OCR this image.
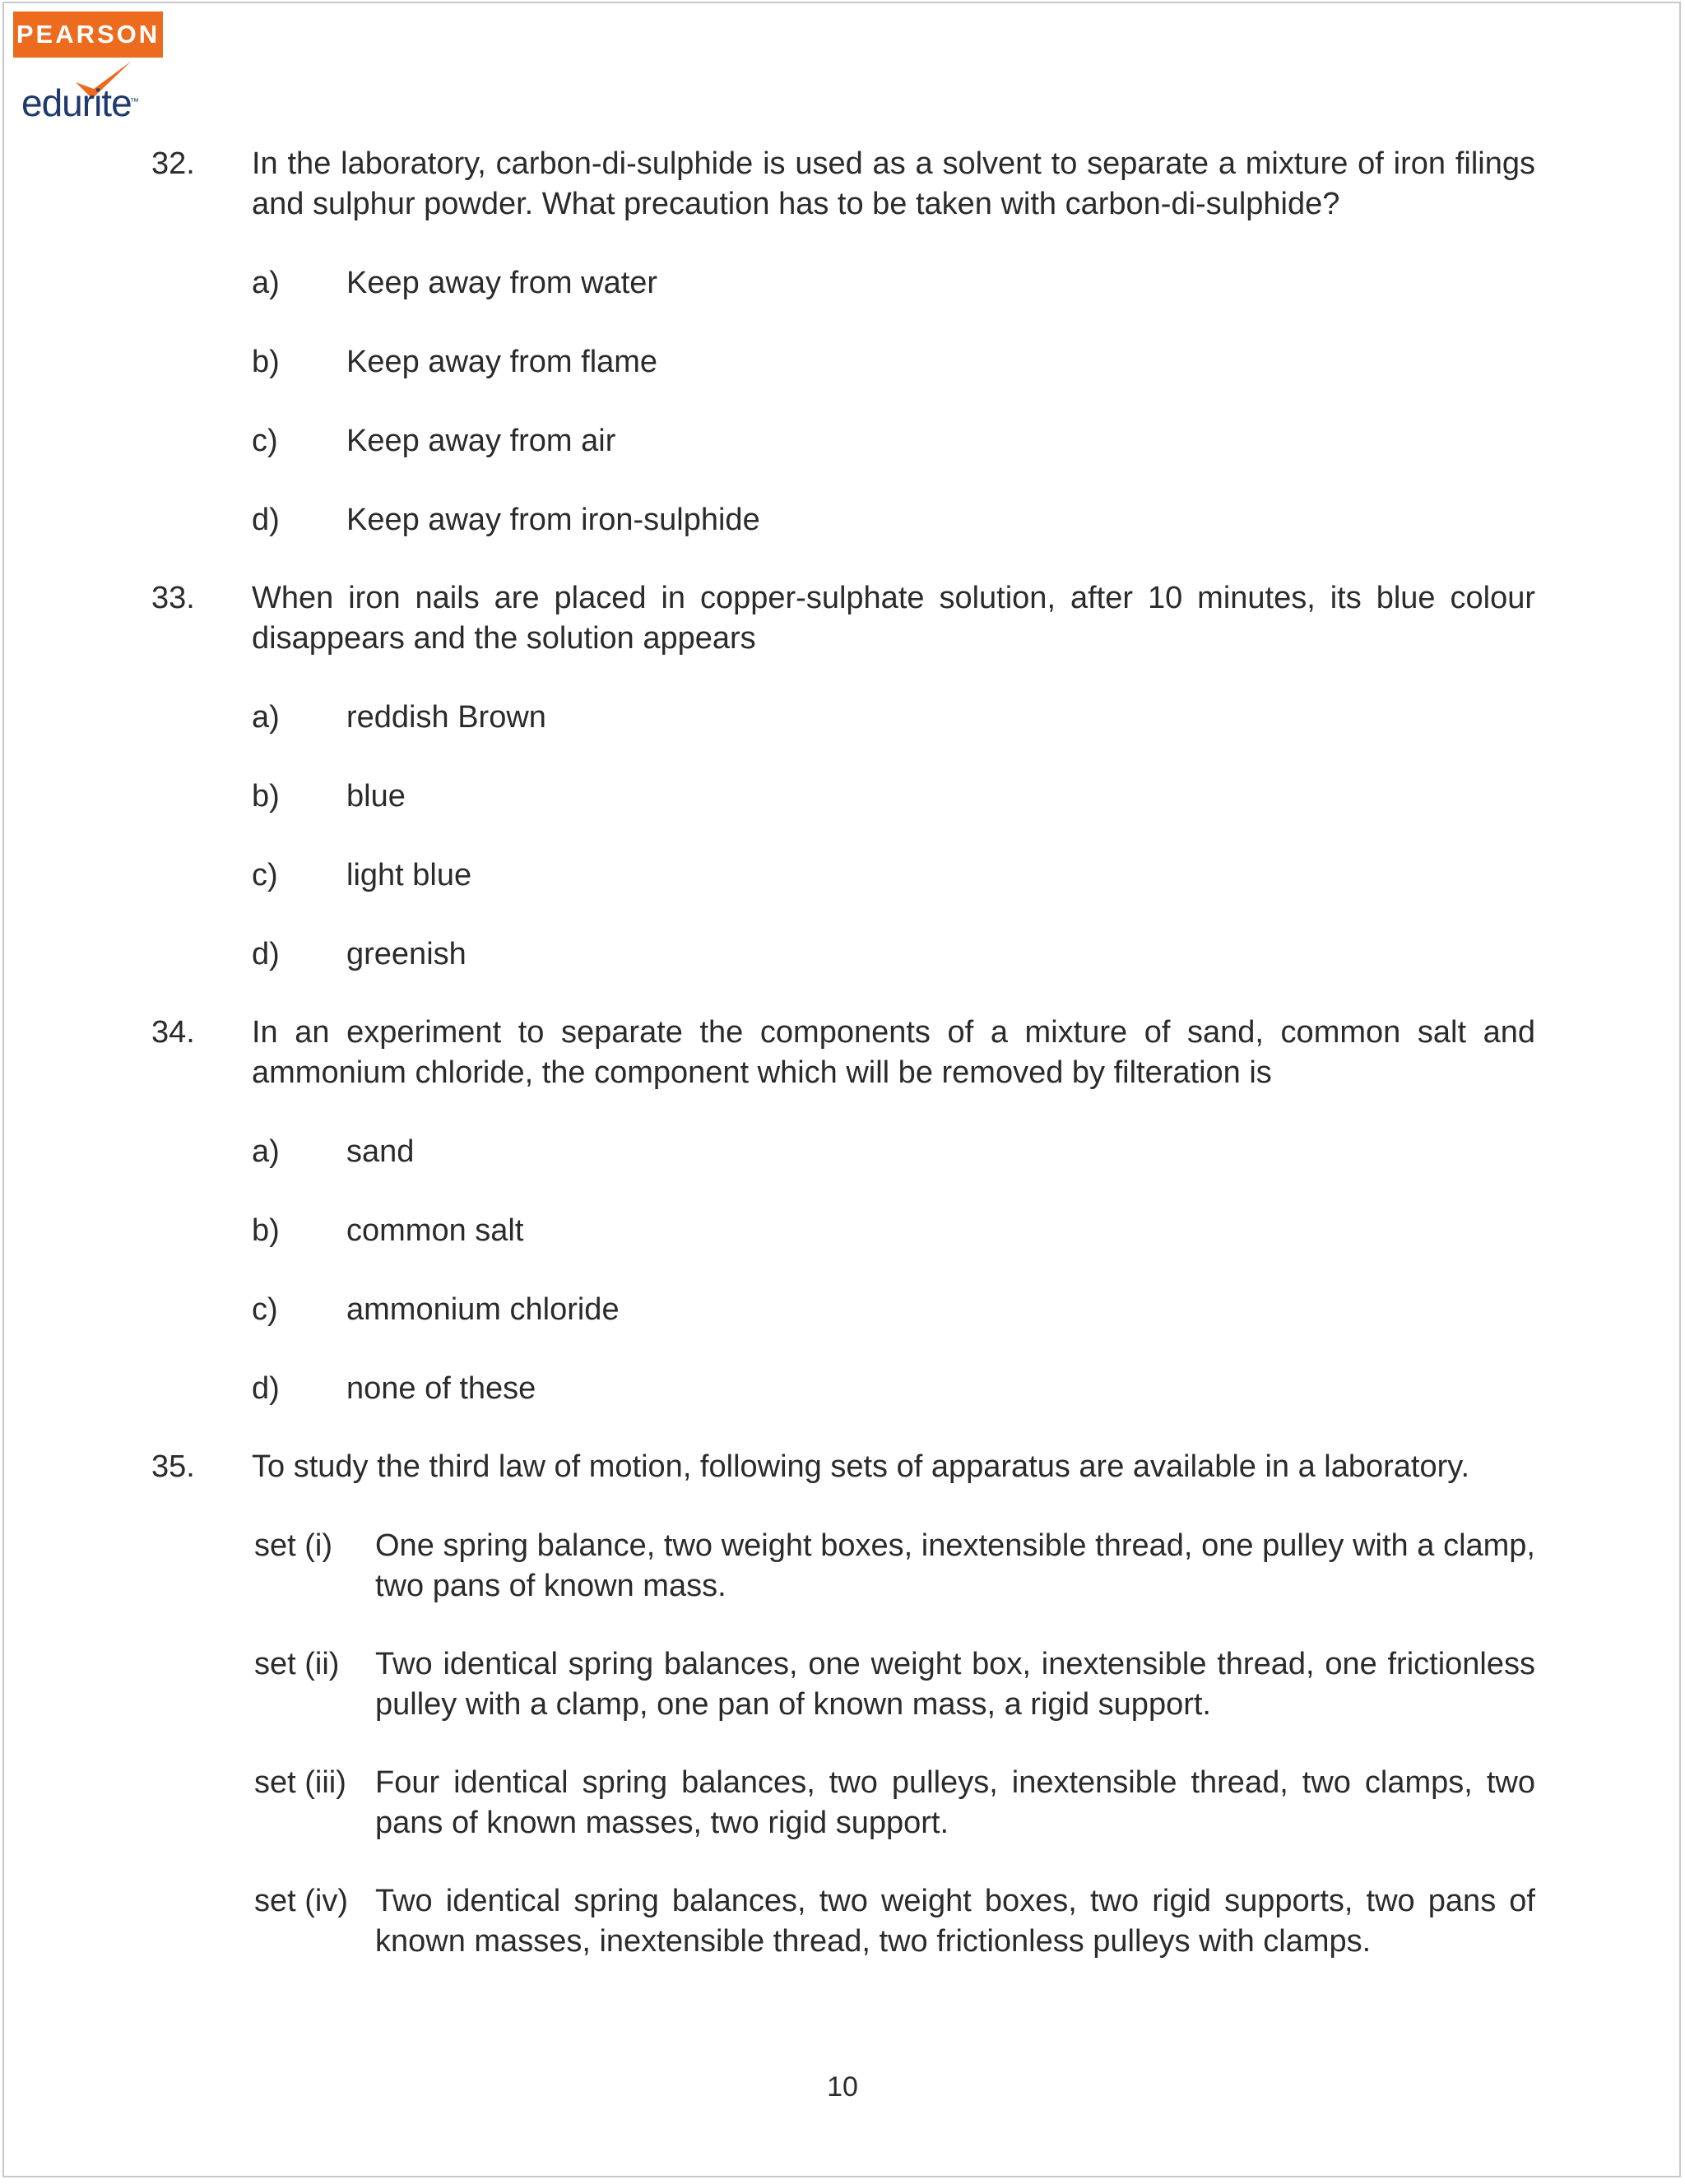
PEARSON
edurite
™
32. In the laboratory, carbon-di-sulphide is used as a solvent to separate a mixture of iron filings and sulphur powder. What precaution has to be taken with carbon-di-sulphide?
a) Keep away from water
b) Keep away from flame
c) Keep away from air
d) Keep away from iron-sulphide
33. When iron nails are placed in copper-sulphate solution, after 10 minutes, its blue colour disappears and the solution appears
a) reddish Brown
b) blue
c) light blue
d) greenish
34. In an experiment to separate the components of a mixture of sand, common salt and ammonium chloride, the component which will be removed by filteration is
a) sand
b) common salt
c) ammonium chloride
d) none of these
35. To study the third law of motion, following sets of apparatus are available in a laboratory.
set (i) One spring balance, two weight boxes, inextensible thread, one pulley with a clamp, two pans of known mass.
set (ii) Two identical spring balances, one weight box, inextensible thread, one frictionless pulley with a clamp, one pan of known mass, a rigid support.
set (iii) Four identical spring balances, two pulleys, inextensible thread, two clamps, two pans of known masses, two rigid support.
set (iv) Two identical spring balances, two weight boxes, two rigid supports, two pans of known masses, inextensible thread, two frictionless pulleys with clamps.
10
